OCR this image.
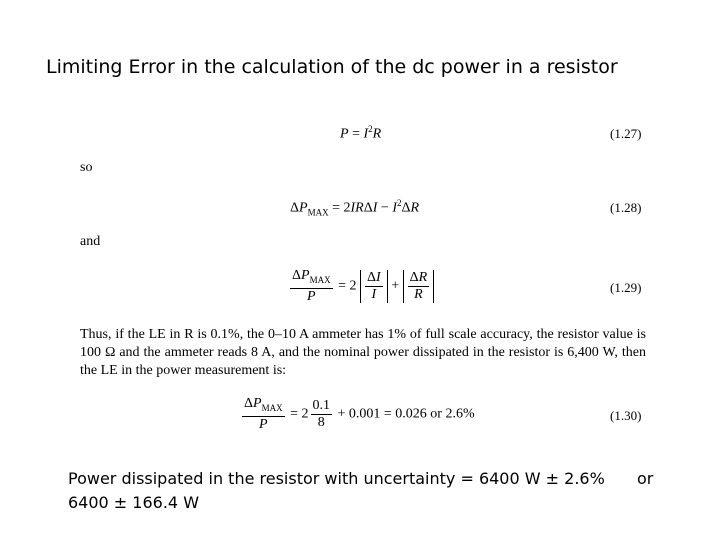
Limiting Error in the calculation of the dc power in a resistor
$P = I^2R$	(1.27)
so
$\Delta P_{MAX} = 2IR\Delta I - I^2\Delta R$	(1.28)
and
$\frac{\Delta P_{MAX}}{P} = 2 \frac{\Delta I}{I} + \frac{\Delta R}{R}$	(1.29)
Thus, if the LE in R is 0.1%, the 0–10 A ammeter has 1% of full scale accuracy, the resistor value is 100 Ω and the ammeter reads 8 A, and the nominal power dissipated in the resistor is 6,400 W, then the LE in the power measurement is:
$\frac{\Delta P_{MAX}}{P} = 2 \frac{0.1}{8} + 0.001 = 0.026$ or 2.6%	(1.30)
Power dissipated in the resistor with uncertainty = 6400 W ± 2.6%
6400 ± 166.4 W
or
